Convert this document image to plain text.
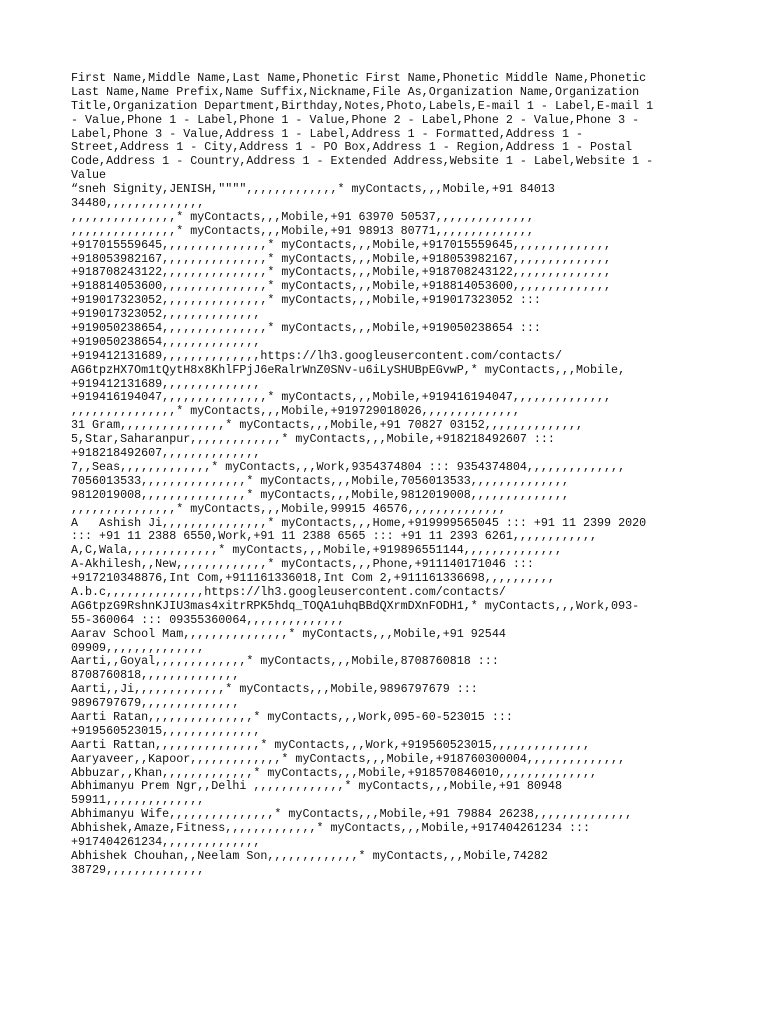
First Name,Middle Name,Last Name,Phonetic First Name,Phonetic Middle Name,Phonetic
Last Name,Name Prefix,Name Suffix,Nickname,File As,Organization Name,Organization
Title,Organization Department,Birthday,Notes,Photo,Labels,E-mail 1 - Label,E-mail 1
- Value,Phone 1 - Label,Phone 1 - Value,Phone 2 - Label,Phone 2 - Value,Phone 3 -
Label,Phone 3 - Value,Address 1 - Label,Address 1 - Formatted,Address 1 -
Street,Address 1 - City,Address 1 - PO Box,Address 1 - Region,Address 1 - Postal
Code,Address 1 - Country,Address 1 - Extended Address,Website 1 - Label,Website 1 -
Value
“sneh Signity,JENISH,"""",,,,,,,,,,,,,* myContacts,,,Mobile,+91 84013
34480,,,,,,,,,,,,,,
,,,,,,,,,,,,,,,* myContacts,,,Mobile,+91 63970 50537,,,,,,,,,,,,,,
,,,,,,,,,,,,,,,* myContacts,,,Mobile,+91 98913 80771,,,,,,,,,,,,,,
+917015559645,,,,,,,,,,,,,,,* myContacts,,,Mobile,+917015559645,,,,,,,,,,,,,,
+918053982167,,,,,,,,,,,,,,,* myContacts,,,Mobile,+918053982167,,,,,,,,,,,,,,
+918708243122,,,,,,,,,,,,,,,* myContacts,,,Mobile,+918708243122,,,,,,,,,,,,,,
+918814053600,,,,,,,,,,,,,,,* myContacts,,,Mobile,+918814053600,,,,,,,,,,,,,,
+919017323052,,,,,,,,,,,,,,,* myContacts,,,Mobile,+919017323052 :::
+919017323052,,,,,,,,,,,,,,
+919050238654,,,,,,,,,,,,,,,* myContacts,,,Mobile,+919050238654 :::
+919050238654,,,,,,,,,,,,,,
+919412131689,,,,,,,,,,,,,,https://lh3.googleusercontent.com/contacts/
AG6tpzHX7Om1tQytH8x8KhlFPjJ6eRalrWnZ0SNv-u6iLySHUBpEGvwP,* myContacts,,,Mobile,
+919412131689,,,,,,,,,,,,,,
+919416194047,,,,,,,,,,,,,,,* myContacts,,,Mobile,+919416194047,,,,,,,,,,,,,,
,,,,,,,,,,,,,,,* myContacts,,,Mobile,+919729018026,,,,,,,,,,,,,,
31 Gram,,,,,,,,,,,,,,,* myContacts,,,Mobile,+91 70827 03152,,,,,,,,,,,,,,
5,Star,Saharanpur,,,,,,,,,,,,,* myContacts,,,Mobile,+918218492607 :::
+918218492607,,,,,,,,,,,,,,
7,,Seas,,,,,,,,,,,,,* myContacts,,,Work,9354374804 ::: 9354374804,,,,,,,,,,,,,,
7056013533,,,,,,,,,,,,,,,* myContacts,,,Mobile,7056013533,,,,,,,,,,,,,,
9812019008,,,,,,,,,,,,,,,* myContacts,,,Mobile,9812019008,,,,,,,,,,,,,,
,,,,,,,,,,,,,,,* myContacts,,,Mobile,99915 46576,,,,,,,,,,,,,,
A   Ashish Ji,,,,,,,,,,,,,,,* myContacts,,,Home,+919999565045 ::: +91 11 2399 2020
::: +91 11 2388 6550,Work,+91 11 2388 6565 ::: +91 11 2393 6261,,,,,,,,,,,,
A,C,Wala,,,,,,,,,,,,,* myContacts,,,Mobile,+919896551144,,,,,,,,,,,,,,
A-Akhilesh,,New,,,,,,,,,,,,,* myContacts,,,Phone,+911140171046 :::
+917210348876,Int Com,+911161336018,Int Com 2,+911161336698,,,,,,,,,,
A.b.c,,,,,,,,,,,,,,https://lh3.googleusercontent.com/contacts/
AG6tpzG9RshnKJIU3mas4xitrRPK5hdq_TOQA1uhqBBdQXrmDXnFODH1,* myContacts,,,Work,093-
55-360064 ::: 09355360064,,,,,,,,,,,,,,
Aarav School Mam,,,,,,,,,,,,,,,* myContacts,,,Mobile,+91 92544
09909,,,,,,,,,,,,,,
Aarti,,Goyal,,,,,,,,,,,,,* myContacts,,,Mobile,8708760818 :::
8708760818,,,,,,,,,,,,,,
Aarti,,Ji,,,,,,,,,,,,,* myContacts,,,Mobile,9896797679 :::
9896797679,,,,,,,,,,,,,,
Aarti Ratan,,,,,,,,,,,,,,,* myContacts,,,Work,095-60-523015 :::
+919560523015,,,,,,,,,,,,,,
Aarti Rattan,,,,,,,,,,,,,,,* myContacts,,,Work,+919560523015,,,,,,,,,,,,,,
Aaryaveer,,Kapoor,,,,,,,,,,,,,* myContacts,,,Mobile,+918760300004,,,,,,,,,,,,,,
Abbuzar,,Khan,,,,,,,,,,,,,* myContacts,,,Mobile,+918570846010,,,,,,,,,,,,,,
Abhimanyu Prem Ngr,,Delhi ,,,,,,,,,,,,,* myContacts,,,Mobile,+91 80948
59911,,,,,,,,,,,,,,
Abhimanyu Wife,,,,,,,,,,,,,,,* myContacts,,,Mobile,+91 79884 26238,,,,,,,,,,,,,,
Abhishek,Amaze,Fitness,,,,,,,,,,,,,* myContacts,,,Mobile,+917404261234 :::
+917404261234,,,,,,,,,,,,,,
Abhishek Chouhan,,Neelam Son,,,,,,,,,,,,,* myContacts,,,Mobile,74282
38729,,,,,,,,,,,,,,
